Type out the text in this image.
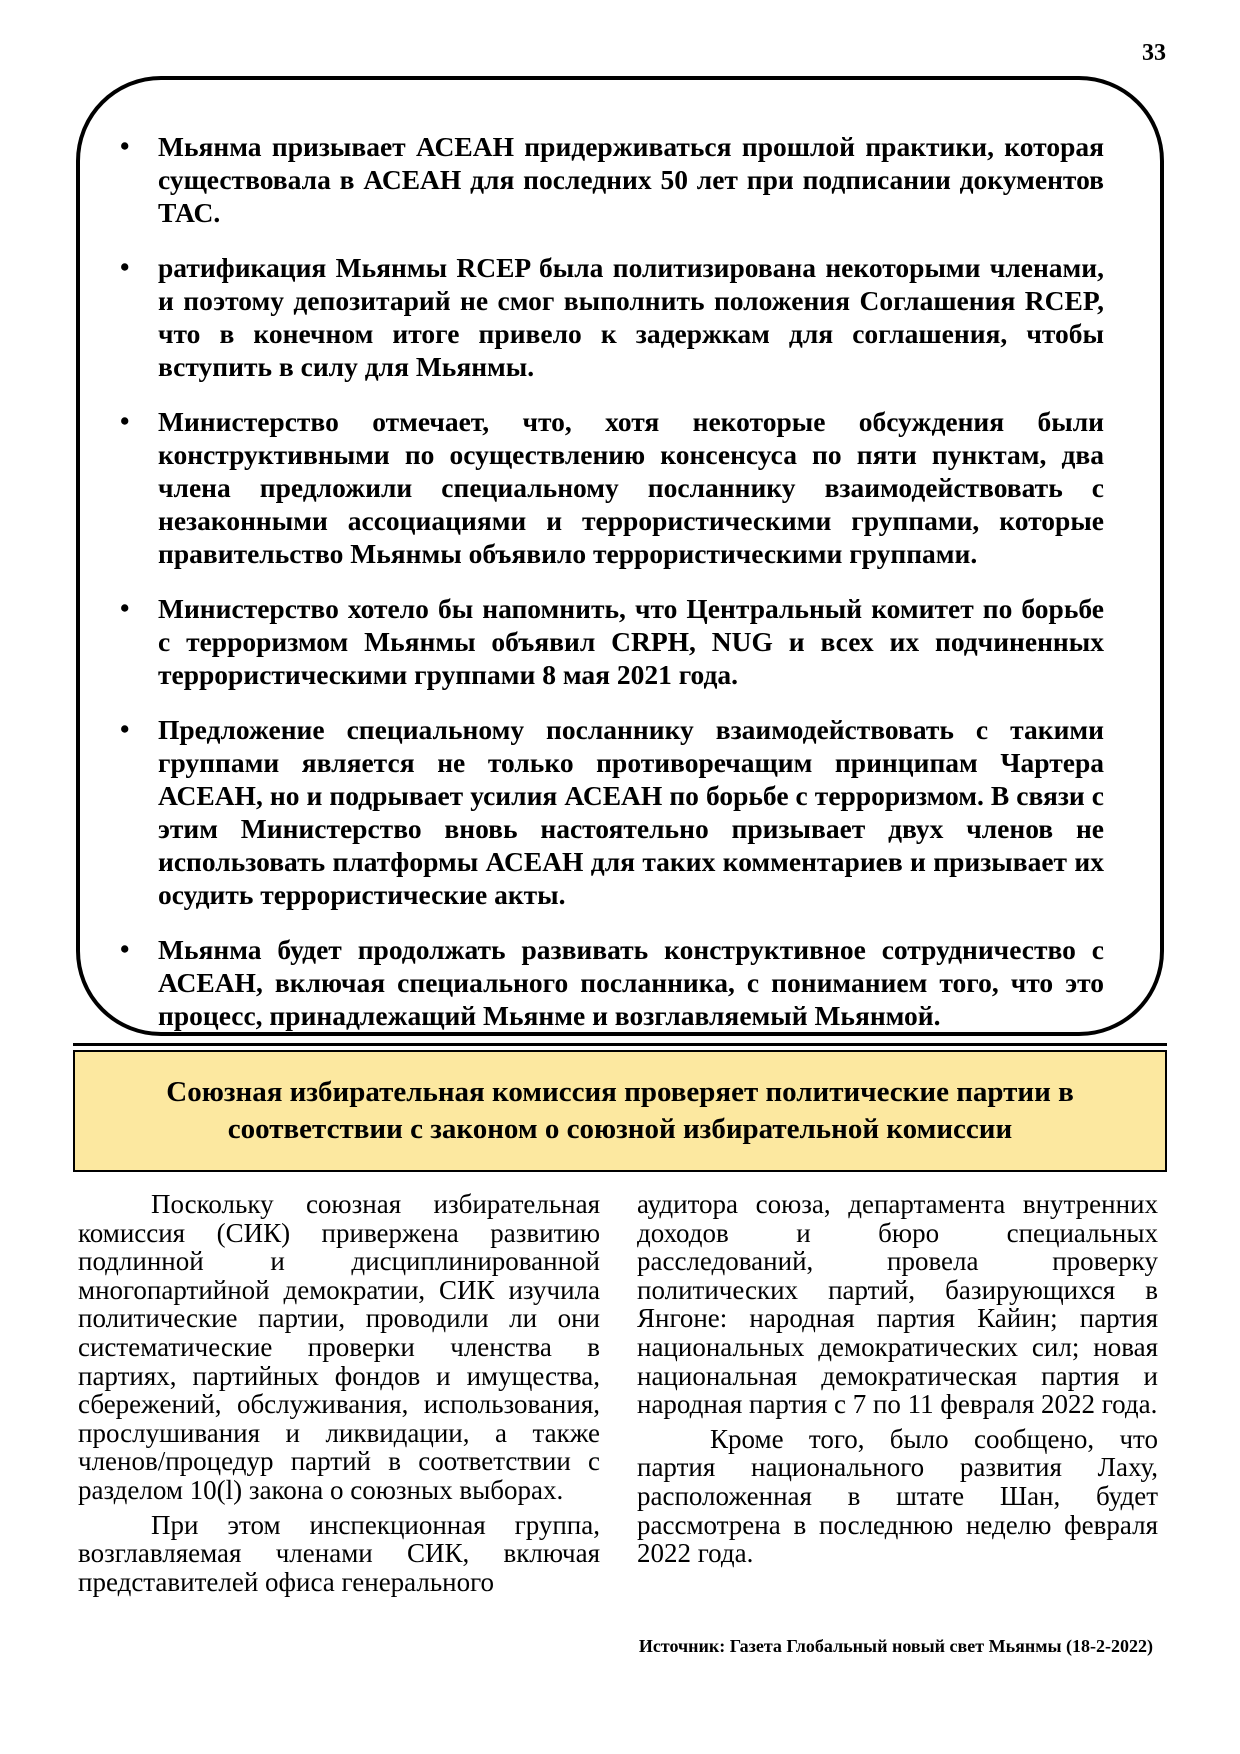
33
• Мьянма призывает АСЕАН придерживаться прошлой практики, которая существовала в АСЕАН для последних 50 лет при подписании документов ТАС.
• ратификация Мьянмы RCEP была политизирована некоторыми членами, и поэтому депозитарий не смог выполнить положения Соглашения RCEP, что в конечном итоге привело к задержкам для соглашения, чтобы вступить в силу для Мьянмы.
• Министерство отмечает, что, хотя некоторые обсуждения были конструктивными по осуществлению консенсуса по пяти пунктам, два члена предложили специальному посланнику взаимодействовать с незаконными ассоциациями и террористическими группами, которые правительство Мьянмы объявило террористическими группами.
• Министерство хотело бы напомнить, что Центральный комитет по борьбе с терроризмом Мьянмы объявил CRPH, NUG и всех их подчиненных террористическими группами 8 мая 2021 года.
• Предложение специальному посланнику взаимодействовать с такими группами является не только противоречащим принципам Чартера АСЕАН, но и подрывает усилия АСЕАН по борьбе с терроризмом. В связи с этим Министерство вновь настоятельно призывает двух членов не использовать платформы АСЕАН для таких комментариев и призывает их осудить террористические акты.
• Мьянма будет продолжать развивать конструктивное сотрудничество с АСЕАН, включая специального посланника, с пониманием того, что это процесс, принадлежащий Мьянме и возглавляемый Мьянмой.
Союзная избирательная комиссия проверяет политические партии в соответствии с законом о союзной избирательной комиссии

Поскольку союзная избирательная комиссия (СИК) привержена развитию подлинной и дисциплинированной многопартийной демократии, СИК изучила политические партии, проводили ли они систематические проверки членства в партиях, партийных фондов и имущества, сбережений, обслуживания, использования, прослушивания и ликвидации, а также членов/процедур партий в соответствии с разделом 10(l) закона о союзных выборах.

При этом инспекционная группа, возглавляемая членами СИК, включая представителей офиса генерального

аудитора союза, департамента внутренних доходов и бюро специальных расследований, провела проверку политических партий, базирующихся в Янгоне: народная партия Кайин; партия национальных демократических сил; новая национальная демократическая партия и народная партия с 7 по 11 февраля 2022 года.

Кроме того, было сообщено, что партия национального развития Лаху, расположенная в штате Шан, будет рассмотрена в последнюю неделю февраля 2022 года.

Источник: Газета Глобальный новый свет Мьянмы (18-2-2022)
